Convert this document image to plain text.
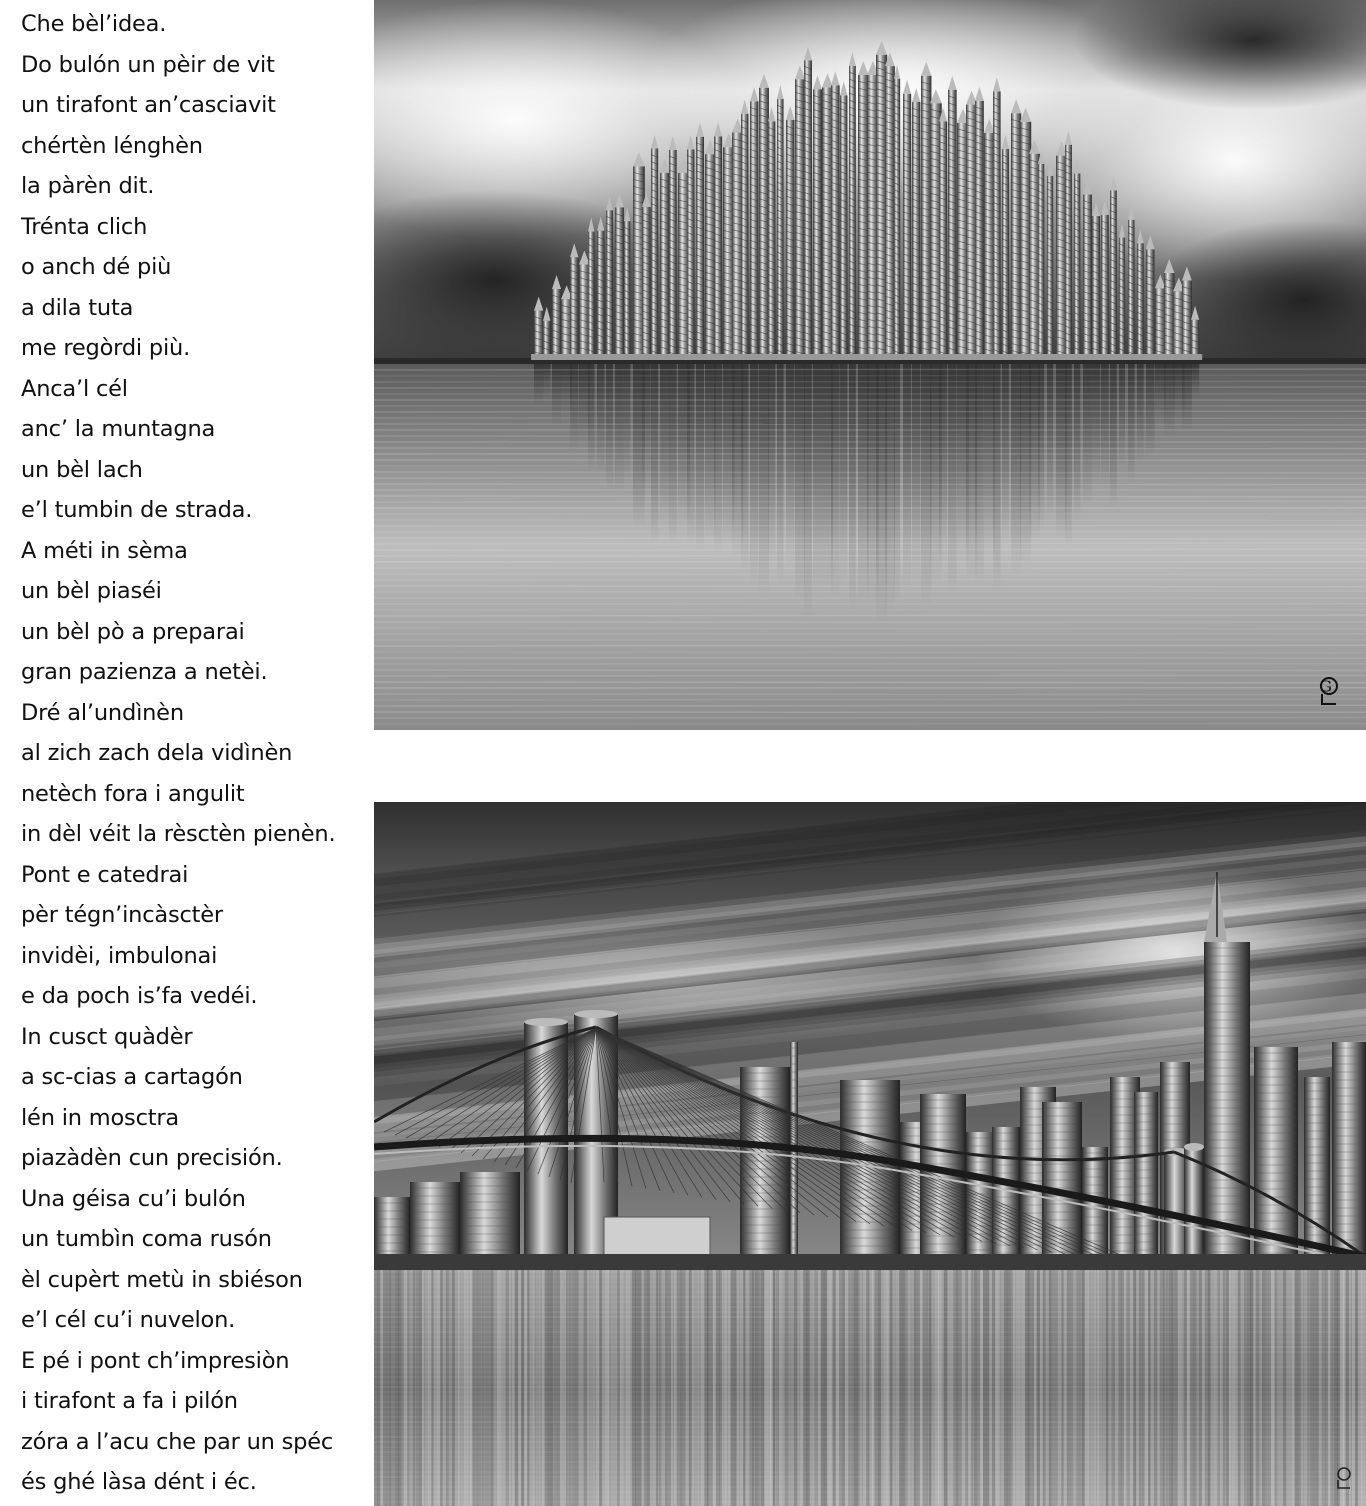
Che bèl’idea.
Do bulón un pèir de vit
un tirafont an’casciavit
chértèn lénghèn
la pàrèn dit.
Trénta clich
o anch dé più
a dila tuta
me regòrdi più.
Anca’l cél
anc’ la muntagna
un bèl lach
e’l tumbin de strada.
A méti in sèma
un bèl piaséi
un bèl pò a preparai
gran pazienza a netèi.
Dré al’undìnèn
al zich zach dela vidìnèn
netèch fora i angulit
in dèl véit la rèsctèn pienèn.
Pont e catedrai
pèr tégn’incàsctèr
invidèi, imbulonai
e da poch is’fa vedéi.
In cusct quàdèr
a sc-cias a cartagón
lén in mosctra
piazàdèn cun precisión.
Una géisa cu’i bulón
un tumbìn coma rusón
èl cupèrt metù in sbiéson
e’l cél cu’i nuvelon.
E pé i pont ch’impresiòn
i tirafont a fa i pilón
zóra a l’acu che par un spéc
és ghé làsa dént i éc.
ᴳ
